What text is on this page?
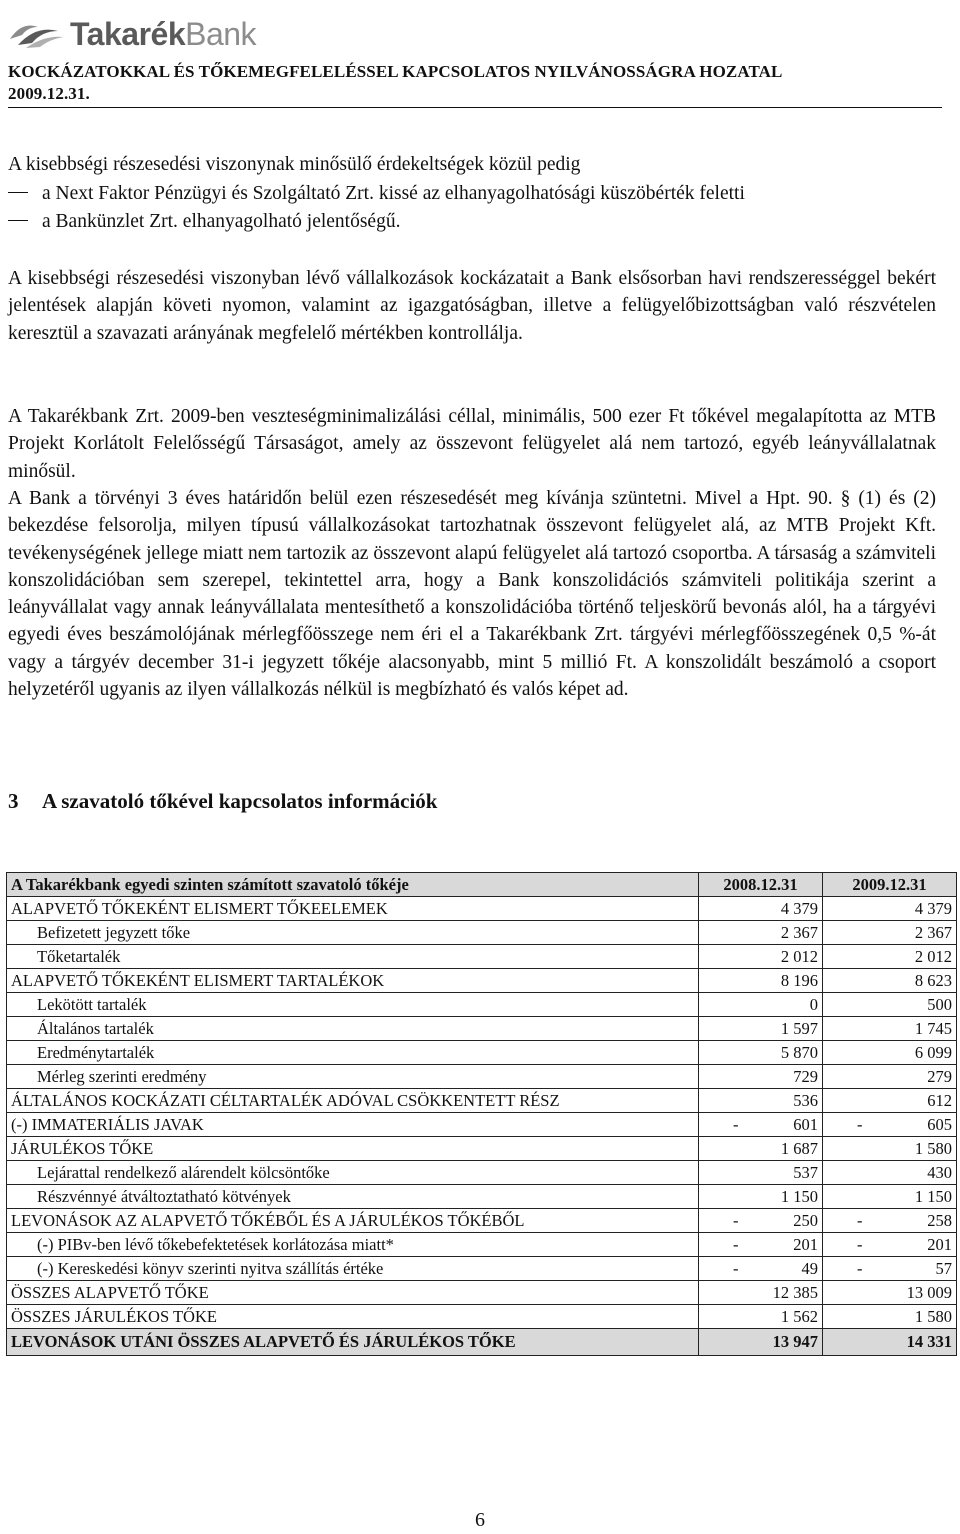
TakarékBank
KOCKÁZATOKKAL ÉS TŐKEMEGFELELÉSSEL KAPCSOLATOS NYILVÁNOSSÁGRA HOZATAL
2009.12.31.
A kisebbségi részesedési viszonynak minősülő érdekeltségek közül pedig
a Next Faktor Pénzügyi és Szolgáltató Zrt. kissé az elhanyagolhatósági küszöbérték feletti
a Bankünzlet Zrt. elhanyagolható jelentőségű.
A kisebbségi részesedési viszonyban lévő vállalkozások kockázatait a Bank elsősorban havi rendszerességgel bekért jelentések alapján követi nyomon, valamint az igazgatóságban, illetve a felügyelőbizottságban való részvételen keresztül a szavazati arányának megfelelő mértékben kontrollálja.
A Takarékbank Zrt. 2009-ben veszteségminimalizálási céllal, minimális, 500 ezer Ft tőkével megalapította az MTB Projekt Korlátolt Felelősségű Társaságot, amely az összevont felügyelet alá nem tartozó, egyéb leányvállalatnak minősül.
A Bank a törvényi 3 éves határidőn belül ezen részesedését meg kívánja szüntetni. Mivel a Hpt. 90. § (1) és (2) bekezdése felsorolja, milyen típusú vállalkozásokat tartozhatnak összevont felügyelet alá, az MTB Projekt Kft. tevékenységének jellege miatt nem tartozik az összevont alapú felügyelet alá tartozó csoportba. A társaság a számviteli konszolidációban sem szerepel, tekintettel arra, hogy a Bank konszolidációs számviteli politikája szerint a leányvállalat vagy annak leányvállalata mentesíthető a konszolidációba történő teljeskörű bevonás alól, ha a tárgyévi egyedi éves beszámolójának mérlegfőösszege nem éri el a Takarékbank Zrt. tárgyévi mérlegfőösszegének 0,5 %-át vagy a tárgyév december 31-i jegyzett tőkéje alacsonyabb, mint 5 millió Ft. A konszolidált beszámoló a csoport helyzetéről ugyanis az ilyen vállalkozás nélkül is megbízható és valós képet ad.
3 A szavatoló tőkével kapcsolatos információk
A Takarékbank egyedi szinten számított szavatoló tőkéje	2008.12.31	2009.12.31
ALAPVETŐ TŐKEKÉNT ELISMERT TŐKEELEMEK	4 379	4 379
Befizetett jegyzett tőke	2 367	2 367
Tőketartalék	2 012	2 012
ALAPVETŐ TŐKEKÉNT ELISMERT TARTALÉKOK	8 196	8 623
Lekötött tartalék	0	500
Általános tartalék	1 597	1 745
Eredménytartalék	5 870	6 099
Mérleg szerinti eredmény	729	279
ÁLTALÁNOS KOCKÁZATI CÉLTARTALÉK ADÓVAL CSÖKKENTETT RÉSZ	536	612
(-) IMMATERIÁLIS JAVAK	- 601	- 605
JÁRULÉKOS TŐKE	1 687	1 580
Lejárattal rendelkező alárendelt kölcsöntőke	537	430
Részvénnyé átváltoztatható kötvények	1 150	1 150
LEVONÁSOK AZ ALAPVETŐ TŐKÉBŐL ÉS A JÁRULÉKOS TŐKÉBŐL	- 250	- 258
(-) PIBv-ben lévő tőkebefektetések korlátozása miatt*	- 201	- 201
(-) Kereskedési könyv szerinti nyitva szállítás értéke	- 49	- 57
ÖSSZES ALAPVETŐ TŐKE	12 385	13 009
ÖSSZES JÁRULÉKOS TŐKE	1 562	1 580
LEVONÁSOK UTÁNI ÖSSZES ALAPVETŐ ÉS JÁRULÉKOS TŐKE	13 947	14 331
6
